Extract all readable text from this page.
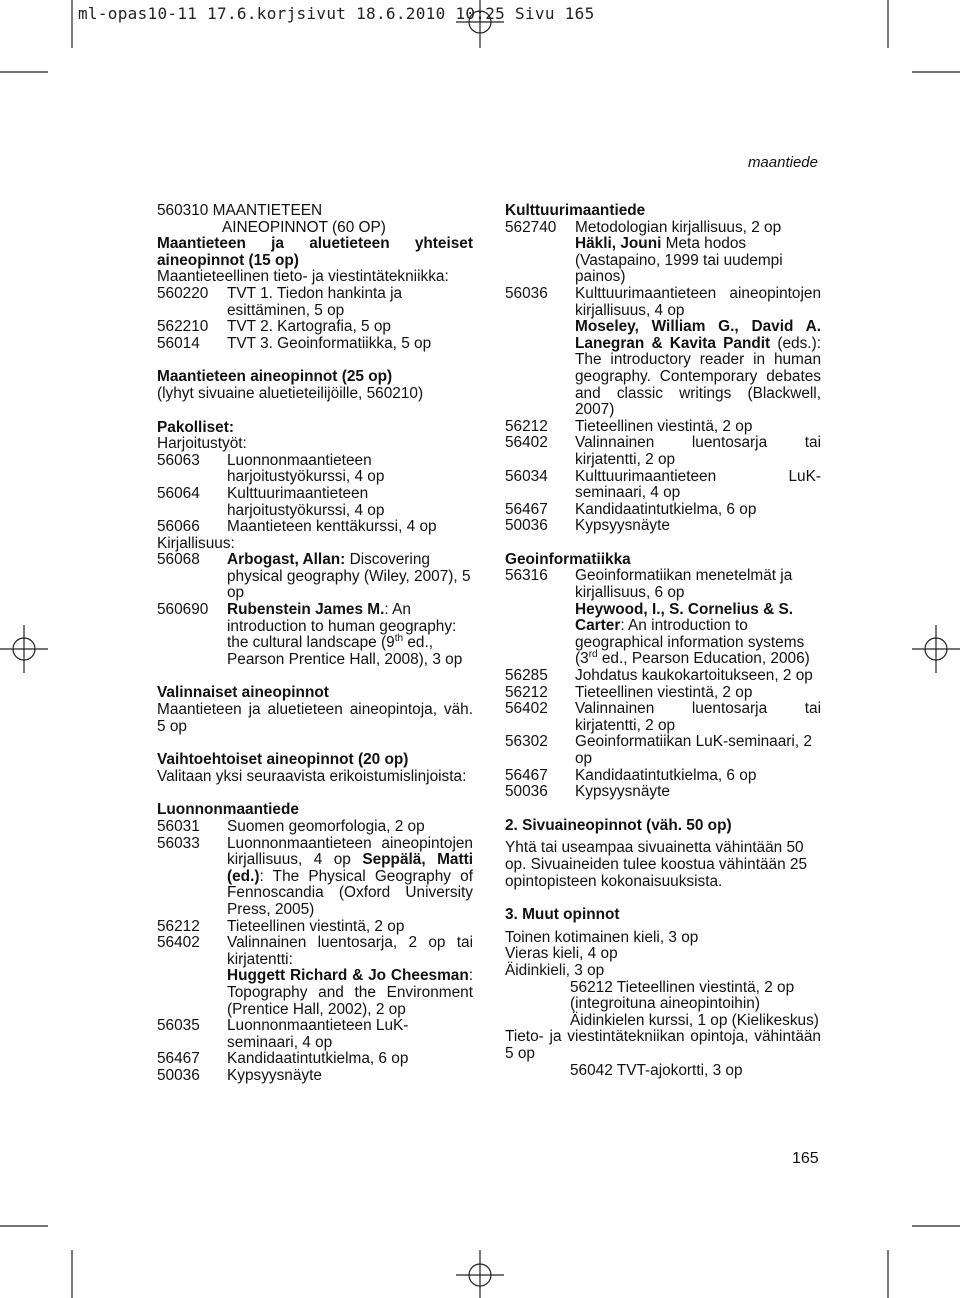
ml-opas10-11 17.6.korjsivut 18.6.2010 10:25 Sivu 165
maantiede
560310 MAANTIETEEN
AINEOPINNOT (60 OP)
Maantieteen ja aluetieteen yhteiset aineopinnot (15 op)
Maantieteellinen tieto- ja viestintätekniikka:
560220	TVT 1. Tiedon hankinta ja esittäminen, 5 op
562210	TVT 2. Kartografia, 5 op
56014	TVT 3. Geoinformatiikka, 5 op
Maantieteen aineopinnot (25 op)
(lyhyt sivuaine aluetieteilijöille, 560210)
Pakolliset:
Harjoitustyöt:
56063	Luonnonmaantieteen harjoitustyökurssi, 4 op
56064	Kulttuurimaantieteen harjoitustyökurssi, 4 op
56066	Maantieteen kenttäkurssi, 4 op
Kirjallisuus:
56068	Arbogast, Allan: Discovering physical geography (Wiley, 2007), 5 op
560690	Rubenstein James M.: An introduction to human geography: the cultural landscape (9th ed., Pearson Prentice Hall, 2008), 3 op
Valinnaiset aineopinnot
Maantieteen ja aluetieteen aineopintoja, väh. 5 op
Vaihtoehtoiset aineopinnot (20 op)
Valitaan yksi seuraavista erikoistumislinjoista:
Luonnonmaantiede
56031	Suomen geomorfologia, 2 op
56033	Luonnonmaantieteen aineopintojen kirjallisuus, 4 op Seppälä, Matti (ed.): The Physical Geography of Fennoscandia (Oxford University Press, 2005)
56212	Tieteellinen viestintä, 2 op
56402	Valinnainen luentosarja, 2 op tai kirjatentti:
Huggett Richard & Jo Cheesman: Topography and the Environment (Prentice Hall, 2002), 2 op
56035	Luonnonmaantieteen LuK-seminaari, 4 op
56467	Kandidaatintutkielma, 6 op
50036	Kypsyysnäyte
Kulttuurimaantiede
562740	Metodologian kirjallisuus, 2 op
Häkli, Jouni Meta hodos (Vastapaino, 1999 tai uudempi painos)
56036	Kulttuurimaantieteen aineopintojen kirjallisuus, 4 op
Moseley, William G., David A. Lanegran & Kavita Pandit (eds.): The introductory reader in human geography. Contemporary debates and classic writings (Blackwell, 2007)
56212	Tieteellinen viestintä, 2 op
56402	Valinnainen luentosarja tai kirjatentti, 2 op
56034	Kulttuurimaantieteen LuK-seminaari, 4 op
56467	Kandidaatintutkielma, 6 op
50036	Kypsyysnäyte
Geoinformatiikka
56316	Geoinformatiikan menetelmät ja kirjallisuus, 6 op
Heywood, I., S. Cornelius & S. Carter: An introduction to geographical information systems (3rd ed., Pearson Education, 2006)
56285	Johdatus kaukokartoitukseen, 2 op
56212	Tieteellinen viestintä, 2 op
56402	Valinnainen luentosarja tai kirjatentti, 2 op
56302	Geoinformatiikan LuK-seminaari, 2 op
56467	Kandidaatintutkielma, 6 op
50036	Kypsyysnäyte
2. Sivuaineopinnot (väh. 50 op)
Yhtä tai useampaa sivuainetta vähintään 50 op. Sivuaineiden tulee koostua vähintään 25 opintopisteen kokonaisuuksista.
3. Muut opinnot
Toinen kotimainen kieli, 3 op
Vieras kieli, 4 op
Äidinkieli, 3 op
56212 Tieteellinen viestintä, 2 op (integroituna aineopintoihin)
Äidinkielen kurssi, 1 op (Kielikeskus)
Tieto- ja viestintätekniikan opintoja, vähintään 5 op
56042 TVT-ajokortti, 3 op
165
